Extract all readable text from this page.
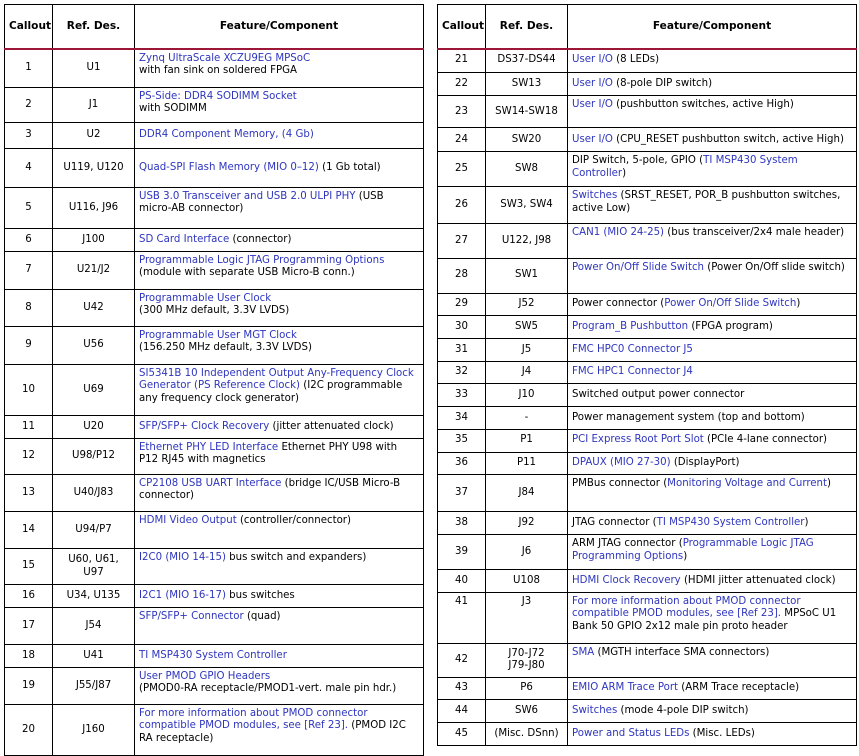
Callout	Ref. Des.	Feature/Component
1	U1	Zynq UltraScale XCZU9EG MPSoC
with fan sink on soldered FPGA
2	J1	PS-Side: DDR4 SODIMM Socket
with SODIMM
3	U2	DDR4 Component Memory, (4 Gb)
4	U119, U120	Quad-SPI Flash Memory (MIO 0–12) (1 Gb total)
5	U116, J96	USB 3.0 Transceiver and USB 2.0 ULPI PHY (USB micro-AB connector)
6	J100	SD Card Interface (connector)
7	U21/J2	Programmable Logic JTAG Programming Options
(module with separate USB Micro-B conn.)
8	U42	Programmable User Clock
(300 MHz default, 3.3V LVDS)
9	U56	Programmable User MGT Clock
(156.250 MHz default, 3.3V LVDS)
10	U69	SI5341B 10 Independent Output Any-Frequency Clock Generator (PS Reference Clock) (I2C programmable any frequency clock generator)
11	U20	SFP/SFP+ Clock Recovery (jitter attenuated clock)
12	U98/P12	Ethernet PHY LED Interface Ethernet PHY U98 with P12 RJ45 with magnetics
13	U40/J83	CP2108 USB UART Interface (bridge IC/USB Micro-B connector)
14	U94/P7	HDMI Video Output (controller/connector)
15	U60, U61,
U97	I2C0 (MIO 14-15) bus switch and expanders)
16	U34, U135	I2C1 (MIO 16-17) bus switches
17	J54	SFP/SFP+ Connector (quad)
18	U41	TI MSP430 System Controller
19	J55/J87	User PMOD GPIO Headers
(PMOD0-RA receptacle/PMOD1-vert. male pin hdr.)
20	J160	For more information about PMOD connector compatible PMOD modules, see [Ref 23]. (PMOD I2C RA receptacle)
Callout	Ref. Des.	Feature/Component
21	DS37-DS44	User I/O (8 LEDs)
22	SW13	User I/O (8-pole DIP switch)
23	SW14-SW18	User I/O (pushbutton switches, active High)
24	SW20	User I/O (CPU_RESET pushbutton switch, active High)
25	SW8	DIP Switch, 5-pole, GPIO (TI MSP430 System Controller)
26	SW3, SW4	Switches (SRST_RESET, POR_B pushbutton switches, active Low)
27	U122, J98	CAN1 (MIO 24-25) (bus transceiver/2x4 male header)
28	SW1	Power On/Off Slide Switch (Power On/Off slide switch)
29	J52	Power connector (Power On/Off Slide Switch)
30	SW5	Program_B Pushbutton (FPGA program)
31	J5	FMC HPC0 Connector J5
32	J4	FMC HPC1 Connector J4
33	J10	Switched output power connector
34	-	Power management system (top and bottom)
35	P1	PCI Express Root Port Slot (PCIe 4-lane connector)
36	P11	DPAUX (MIO 27-30) (DisplayPort)
37	J84	PMBus connector (Monitoring Voltage and Current)
38	J92	JTAG connector (TI MSP430 System Controller)
39	J6	ARM JTAG connector (Programmable Logic JTAG Programming Options)
40	U108	HDMI Clock Recovery (HDMI jitter attenuated clock)
41	J3	For more information about PMOD connector compatible PMOD modules, see [Ref 23]. MPSoC U1 Bank 50 GPIO 2x12 male pin proto header
42	J70-J72
J79-J80	SMA (MGTH interface SMA connectors)
43	P6	EMIO ARM Trace Port (ARM Trace receptacle)
44	SW6	Switches (mode 4-pole DIP switch)
45	(Misc. DSnn)	Power and Status LEDs (Misc. LEDs)
